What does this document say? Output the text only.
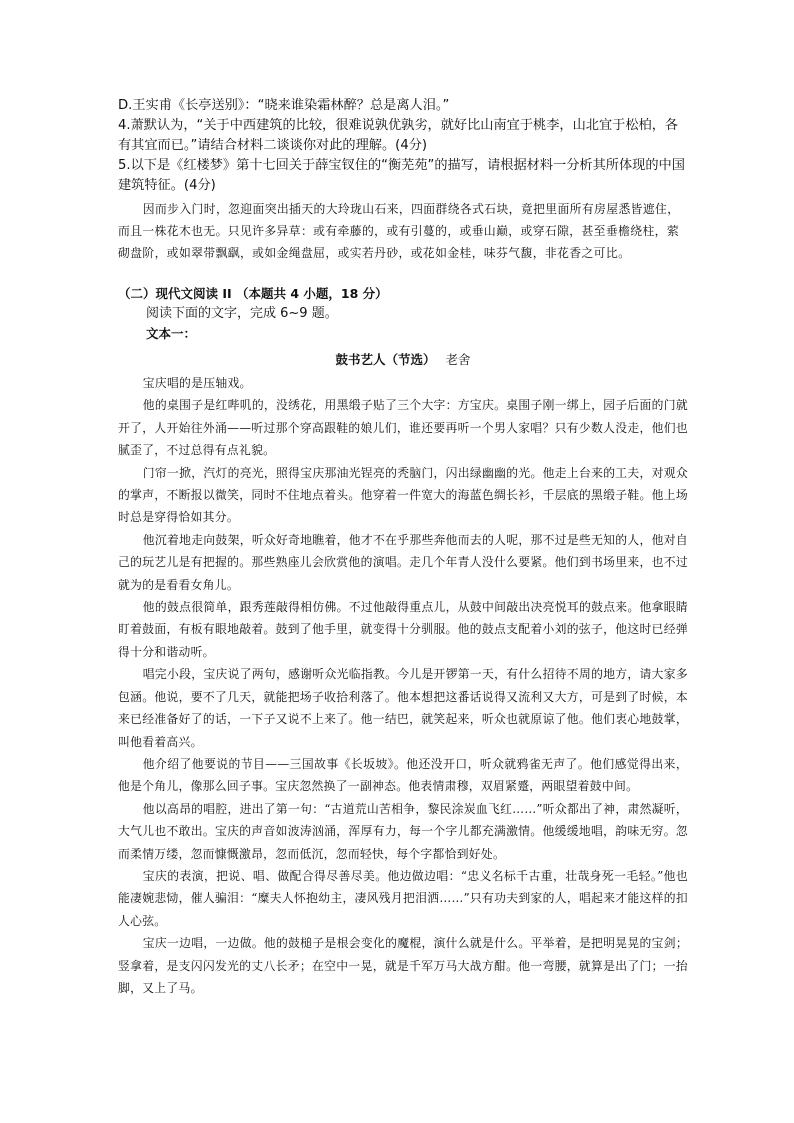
D.王实甫《长亭送别》：“晓来谁染霜林醉？总是离人泪。”

4.萧默认为，“关于中西建筑的比较，很难说孰优孰劣，就好比山南宜于桃李，山北宜于松柏，各有其宜而已。”请结合材料二谈谈你对此的理解。(4分)

5.以下是《红楼梦》第十七回关于薛宝钗住的“衡芜苑”的描写，请根据材料一分析其所体现的中国建筑特征。(4分)

因而步入门时，忽迎面突出插天的大玲珑山石来，四面群绕各式石块，竟把里面所有房屋悉皆遮住，而且一株花木也无。只见许多异草：或有牵藤的，或有引蔓的，或垂山巅，或穿石隙，甚至垂檐绕柱，萦砌盘阶，或如翠带飘飖，或如金绳盘屈，或实若丹砂，或花如金桂，味芬气馥，非花香之可比。

（二）现代文阅读 II （本题共 4 小题，18 分）

阅读下面的文字，完成 6~9 题。

文本一：

鼓书艺人（节选） 老舍

宝庆唱的是压轴戏。

他的桌围子是红哔叽的，没绣花，用黑缎子贴了三个大字：方宝庆。桌围子刚一绑上，园子后面的门就开了，人开始往外涌——听过那个穿高跟鞋的娘儿们，谁还要再听一个男人家唱？只有少数人没走，他们也腻歪了，不过总得有点礼貌。

门帘一掀，汽灯的亮光，照得宝庆那油光锃亮的秃脑门，闪出绿幽幽的光。他走上台来的工夫，对观众的掌声，不断报以微笑，同时不住地点着头。他穿着一件宽大的海蓝色绸长衫，千层底的黑缎子鞋。他上场时总是穿得恰如其分。

他沉着地走向鼓架，听众好奇地瞧着，他才不在乎那些奔他而去的人呢，那不过是些无知的人，他对自己的玩艺儿是有把握的。那些熟座儿会欣赏他的演唱。走几个年青人没什么要紧。他们到书场里来，也不过就为的是看看女角儿。

他的鼓点很简单，跟秀莲敲得相仿佛。不过他敲得重点儿，从鼓中间敲出决亮悦耳的鼓点来。他拿眼睛盯着鼓面，有板有眼地敲着。鼓到了他手里，就变得十分驯服。他的鼓点支配着小刘的弦子，他这时已经弹得十分和谐动听。

唱完小段，宝庆说了两句，感谢听众光临指教。今儿是开锣第一天，有什么招待不周的地方，请大家多包涵。他说，要不了几天，就能把场子收拾利落了。他本想把这番话说得又流利又大方，可是到了时候，本来已经准备好了的话，一下子又说不上来了。他一结巴，就笑起来，听众也就原谅了他。他们衷心地鼓掌，叫他看着高兴。

他介绍了他要说的节目——三国故事《长坂坡》。他还没开口，听众就鸦雀无声了。他们感觉得出来，他是个角儿，像那么回子事。宝庆忽然换了一副神态。他表情肃穆，双眉紧蹙，两眼望着鼓中间。

他以高昂的唱腔，进出了第一句：“古道荒山苦相争，黎民涂炭血飞红……”听众都出了神，肃然凝听，大气儿也不敢出。宝庆的声音如波涛汹涌，浑厚有力，每一个字儿都充满激情。他缓缓地唱，韵味无穷。忽而柔情万缕，忽而慷慨激昂，忽而低沉，忽而轻快，每个字都恰到好处。

宝庆的表演，把说、唱、做配合得尽善尽美。他边做边唱：“忠义名标千古重，壮哉身死一毛轻。”他也能凄婉悲恸，催人骗泪：“糜夫人怀抱幼主，凄风残月把泪洒……”只有功夫到家的人，唱起来才能这样的扣人心弦。

宝庆一边唱，一边做。他的鼓槌子是根会变化的魔棍，演什么就是什么。平举着，是把明晃晃的宝剑；竖拿着，是支闪闪发光的丈八长矛；在空中一晃，就是千军万马大战方酣。他一弯腰，就算是出了门；一抬脚，又上了马。
